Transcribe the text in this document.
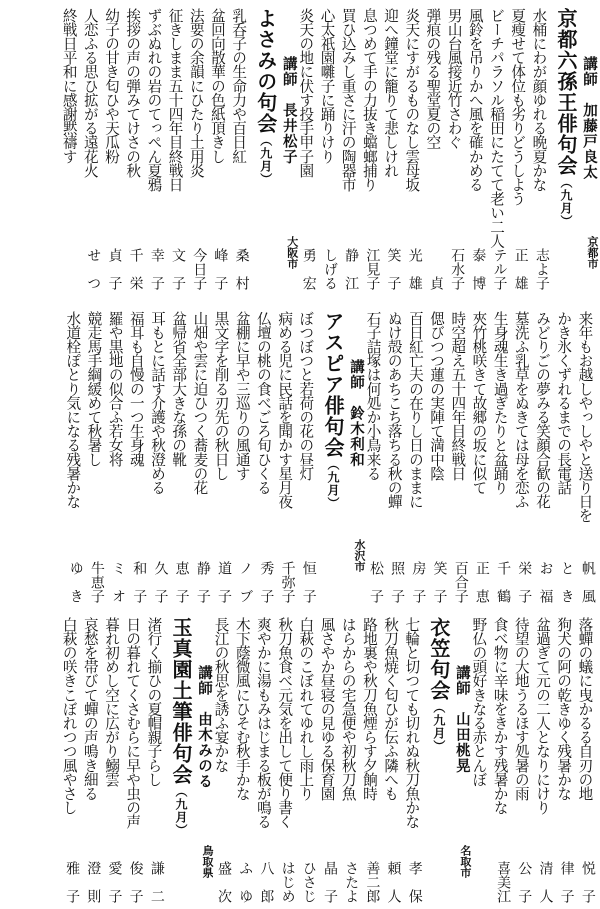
京都六孫王俳句会（九月）
講師　加藤戸良太
京都市
水桶にわが顔ゆれる晩夏かな
志よ子
夏瘦せて体位も劣りどうしよう
正　雄
ビーチパラソル稲田にたてて老い二人
テル子
風鈴を吊りかへ風を確かめる
泰　博
男山台風接近竹さわぐ
石水子
弾痕の残る聖堂夏の空
貞
炎天にすがるものなし雲母坂
光　雄
迎へ鐘堂に籠りて悲しけれ
笑　子
息つめて手の力抜き蟷螂捕り
江見子
買ひ込みし重さに汗の陶器市
静　江
心太祇園囃子に踊りけり
しげる
炎天の地に伏す投手甲子園
勇　宏
よさみの句会（九月） 講師　長井松子
大阪市
乳呑子の生命力や百日紅
桑　村
盆回向散華の色紙頂きし
峰　子
法要の余韻にひたり土用炎
今日子
征きしまま五十四年目終戦日
文　子
ずぶぬれの岩のてっぺん夏鴉
幸　子
挨拶の声の弾みてけさの秋
千　栄
幼子の甘き匂ひや天瓜粉
貞　子
人恋ふる思ひ拡がる遠花火
せ　つ
終戦日平和に感謝黙禱す
来年もお越しやっしやと送り日を
帆　風
かき氷くずれるまでの長電話
と　き
みどりごの夢みる笑顔合歓の花
お　福
墓洗ふ乳草をぬきては母を恋ふ
栄　子
生身魂生き過ぎたりと盆踊り
千　鶴
夾竹桃咲きて故郷の坂に似て
正　恵
時空超え五十四年目終戦日
百合子
偲びつつ蓮の実陣て満中陰
笑　子
百日紅亡夫の在りし日のままに
房　子
ぬけ殻のあちこち落ちる秋の蟬
照　子
石子詰塚は何処か小鳥来る
松　子
アスピア俳句会（九月）
講師　鈴木利和
水沢市
ぼつぼつと若荷の花の昼灯
恒　子
病める児に民話を聞かす星月夜
千弥子
仏壇の桃の食べごろ旬ひくる
秀　子
盆棚に早や三巡りの風通す
ノ　ブ
黒文字を削る刃先の秋日し
道　子
山畑や雲に迫ひつく蕎麦の花
静　子
盆帰省全部大きな孫の靴
恵　子
耳もとに話す介護や秋澄める
久　子
福耳も自慢の一つ生身魂
和　子
羅や黒地の似合ふ若女将
ミ　オ
競走馬手綱緩めて秋暑し
牛恵子
水道栓ぽとり気になる残暑かな
ゆ　き
落蟬の蟻に曳かるる自刃の地
悦　子
狗犬の阿の乾きゆく残暑かな
律　子
盆過ぎて元の二人となりにけり
清　人
待望の大地うるほす処暑の雨
公　子
食べ物に辛味をきかす残暑かな
喜美江
野仏の頭好きなる赤とんぼ
衣笠句会（九月） 講師　山田桃晃
名取市
七輪と切つても切れぬ秋刀魚かな
孝　保
秋刀魚焼く匂ひが伝ふ隣へも
頼　人
路地裏や秋刀魚煙らす夕餉時
善二郎
はらからの宅急便や初秋刀魚
さたよ
風さやか昼寝の見ゆる保育園
晶　子
白萩のこぼれてゆれし雨上り
ひさじ
秋刀魚食べ元気を出して便り書く
はじめ
爽やかに湯もみはじまる板が鳴る
八　郎
木下蔭微風にひそむ秋手かな
ふ　ゆ
長江の秋思を誘ふ宴かな
盛　次
玉真園土筆俳句会（九月）
講師　由木みのる
鳥取県
渚行く揃ひの夏帽親子らし
謙　二
日の暮れてくさむらに早や虫の声
俊　子
暮れ初めし空に広がり鰯雲
愛　子
哀愁を帯びて蟬の声鳴き細る
澄　則
白萩の咲きこぼれつつ風やさし
雅　子
